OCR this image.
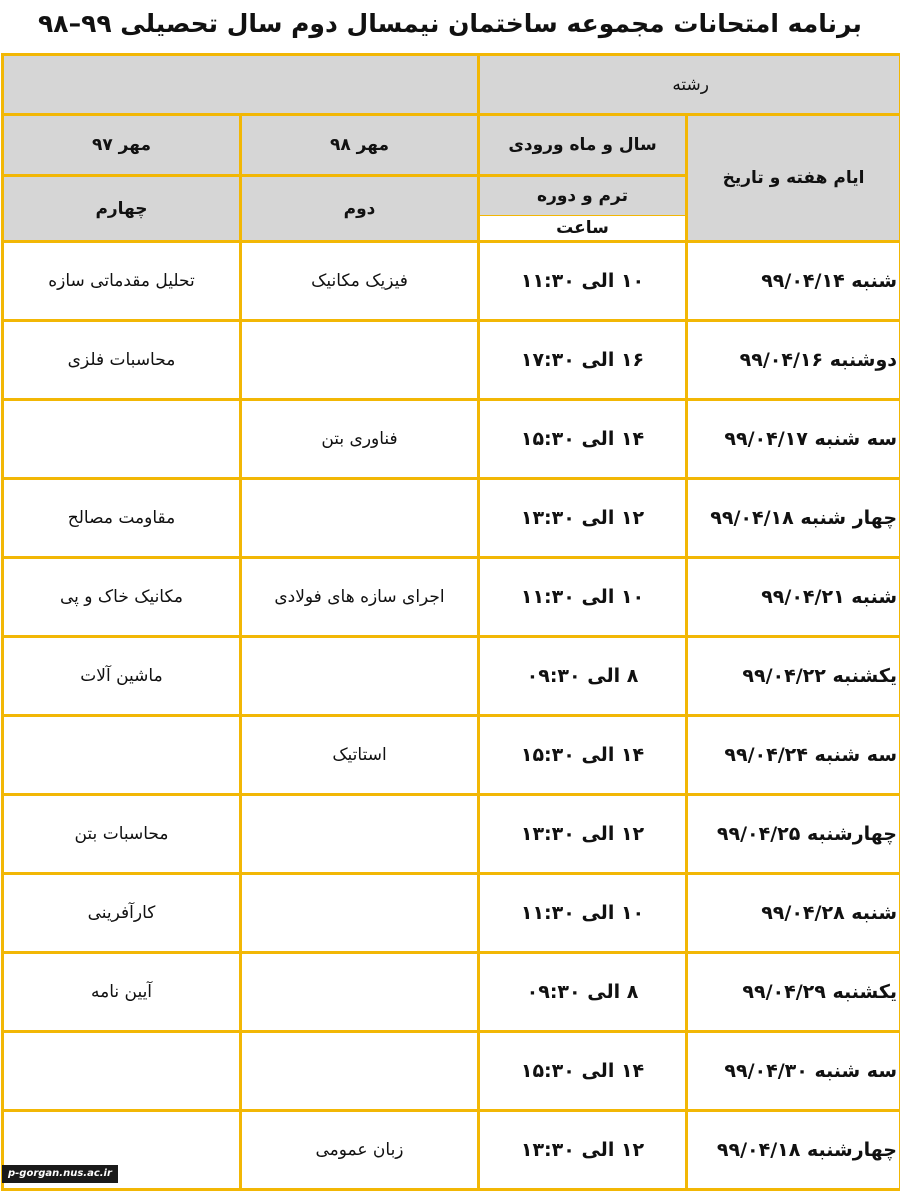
برنامه امتحانات مجموعه ساختمان نیمسال دوم سال تحصیلی ۹۹–۹۸
رشته			
ایام هفته و تاریخ	سال و ماه ورودی	مهر ۹۸	مهر ۹۷
	ترم و دوره	دوم	چهارم
	ساعت		
شنبه ۹۹/۰۴/۱۴	۱۰ الی ۱۱:۳۰	فیزیک مکانیک	تحلیل مقدماتی سازه
دوشنبه ۹۹/۰۴/۱۶	۱۶ الی ۱۷:۳۰		محاسبات فلزی
سه شنبه ۹۹/۰۴/۱۷	۱۴ الی ۱۵:۳۰	فناوری بتن	
چهار شنبه ۹۹/۰۴/۱۸	۱۲ الی ۱۳:۳۰		مقاومت مصالح
شنبه ۹۹/۰۴/۲۱	۱۰ الی ۱۱:۳۰	اجرای سازه های فولادی	مکانیک خاک و پی
یکشنبه ۹۹/۰۴/۲۲	۸ الی ۰۹:۳۰		ماشین آلات
سه شنبه ۹۹/۰۴/۲۴	۱۴ الی ۱۵:۳۰	استاتیک	
چهارشنبه ۹۹/۰۴/۲۵	۱۲ الی ۱۳:۳۰		محاسبات بتن
شنبه ۹۹/۰۴/۲۸	۱۰ الی ۱۱:۳۰		کارآفرینی
یکشنبه ۹۹/۰۴/۲۹	۸ الی ۰۹:۳۰		آیین نامه
سه شنبه ۹۹/۰۴/۳۰	۱۴ الی ۱۵:۳۰		
چهارشنبه ۹۹/۰۴/۱۸	۱۲ الی ۱۳:۳۰	زبان عمومی	
p-gorgan.nus.ac.ir
